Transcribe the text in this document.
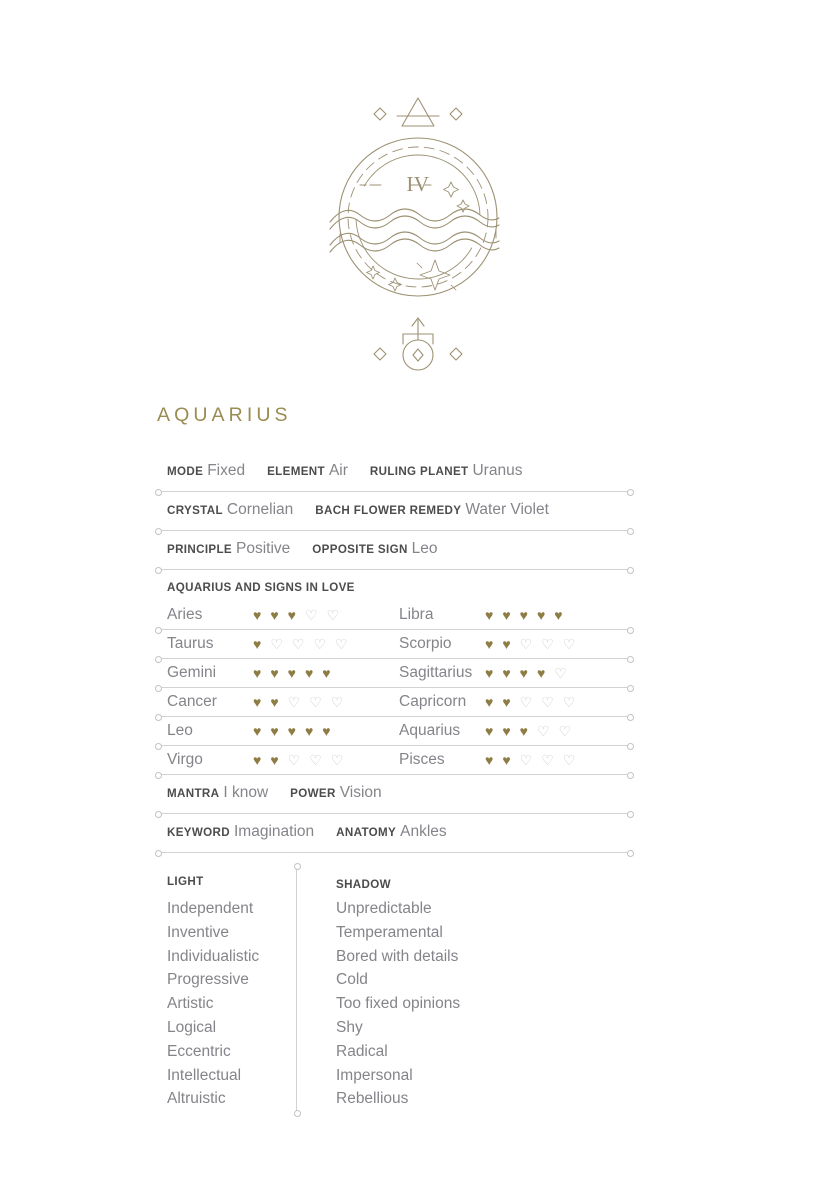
IV
AQUARIUS
MODE Fixed ELEMENT Air RULING PLANET Uranus
CRYSTAL Cornelian BACH FLOWER REMEDY Water Violet
PRINCIPLE Positive OPPOSITE SIGN Leo
AQUARIUS AND SIGNS IN LOVE
Aries	♥ ♥ ♥ ♡ ♡	Libra	♥ ♥ ♥ ♥ ♥
Taurus	♥ ♡ ♡ ♡ ♡	Scorpio	♥ ♥ ♡ ♡ ♡
Gemini	♥ ♥ ♥ ♥ ♥	Sagittarius ♥ ♥ ♥ ♥ ♡
Cancer	♥ ♥ ♡ ♡ ♡	Capricorn	♥ ♥ ♡ ♡ ♡
Leo	♥ ♥ ♥ ♥ ♥	Aquarius	♥ ♥ ♥ ♡ ♡
Virgo	♥ ♥ ♡ ♡ ♡	Pisces	♥ ♥ ♡ ♡ ♡
MANTRA I know POWER Vision
KEYWORD Imagination ANATOMY Ankles
LIGHT
Independent
Inventive
Individualistic
Progressive
Artistic
Logical
Eccentric
Intellectual
Altruistic
SHADOW
Unpredictable
Temperamental
Bored with details
Cold
Too fixed opinions
Shy
Radical
Impersonal
Rebellious
